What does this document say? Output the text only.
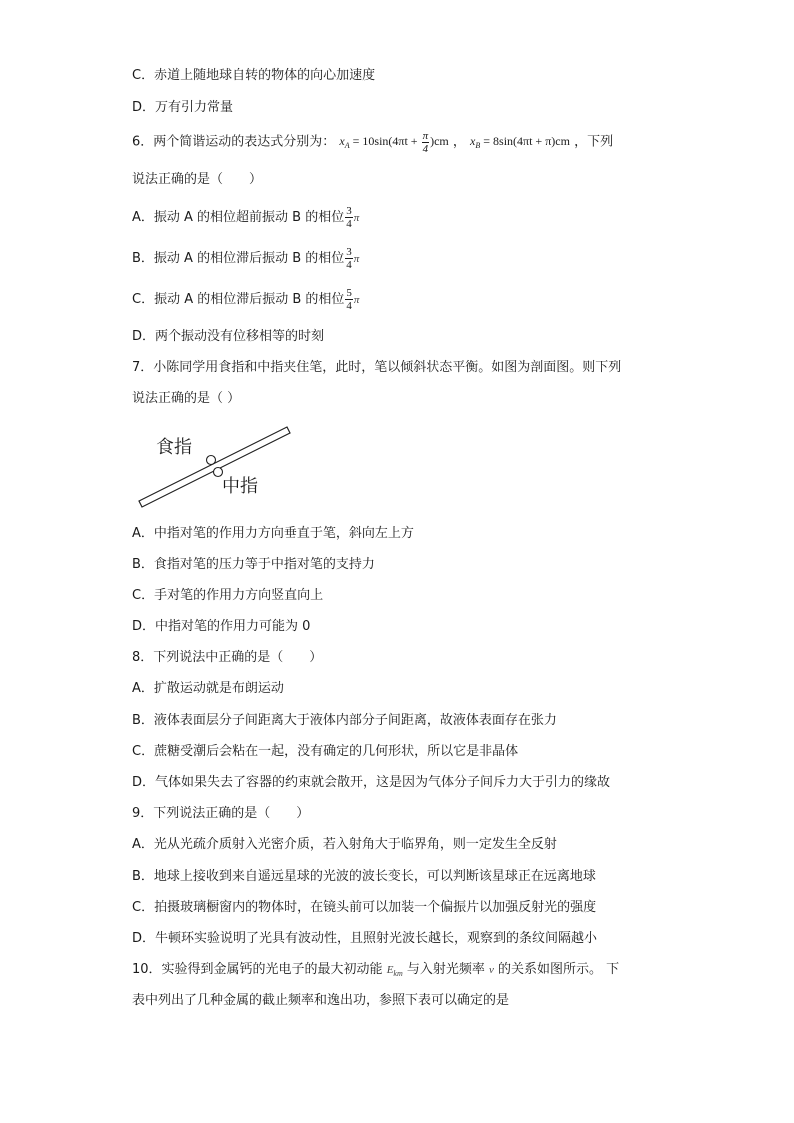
C．赤道上随地球自转的物体的向心加速度
D．万有引力常量
6．两个简谐运动的表达式分别为： $x_A = 10\sin(4\pi t + \frac{\pi}{4} )cm$ ， $x_B = 8\sin(4\pi t + \pi)cm$ ，下列
说法正确的是（　　）
A．振动 A 的相位超前振动 B 的相位 $\frac{3}{4}$ π
B．振动 A 的相位滞后振动 B 的相位 $\frac{3}{4}$ π
C．振动 A 的相位滞后振动 B 的相位 $\frac{5}{4}$ π
D．两个振动没有位移相等的时刻
7．小陈同学用食指和中指夹住笔，此时，笔以倾斜状态平衡。如图为剖面图。则下列
说法正确的是（ ）
食指
中指
A．中指对笔的作用力方向垂直于笔，斜向左上方
B．食指对笔的压力等于中指对笔的支持力
C．手对笔的作用力方向竖直向上
D．中指对笔的作用力可能为 0
8．下列说法中正确的是（　　）
A．扩散运动就是布朗运动
B．液体表面层分子间距离大于液体内部分子间距离，故液体表面存在张力
C．蔗糖受潮后会粘在一起，没有确定的几何形状，所以它是非晶体
D．气体如果失去了容器的约束就会散开，这是因为气体分子间斥力大于引力的缘故
9．下列说法正确的是（　　）
A．光从光疏介质射入光密介质，若入射角大于临界角，则一定发生全反射
B．地球上接收到来自遥远星球的光波的波长变长，可以判断该星球正在远离地球
C．拍摄玻璃橱窗内的物体时，在镜头前可以加装一个偏振片以加强反射光的强度
D．牛顿环实验说明了光具有波动性，且照射光波长越长，观察到的条纹间隔越小
10．实验得到金属钙的光电子的最大初动能 $E_{km}$ 与入射光频率 ν 的关系如图所示。 下
表中列出了几种金属的截止频率和逸出功，参照下表可以确定的是
